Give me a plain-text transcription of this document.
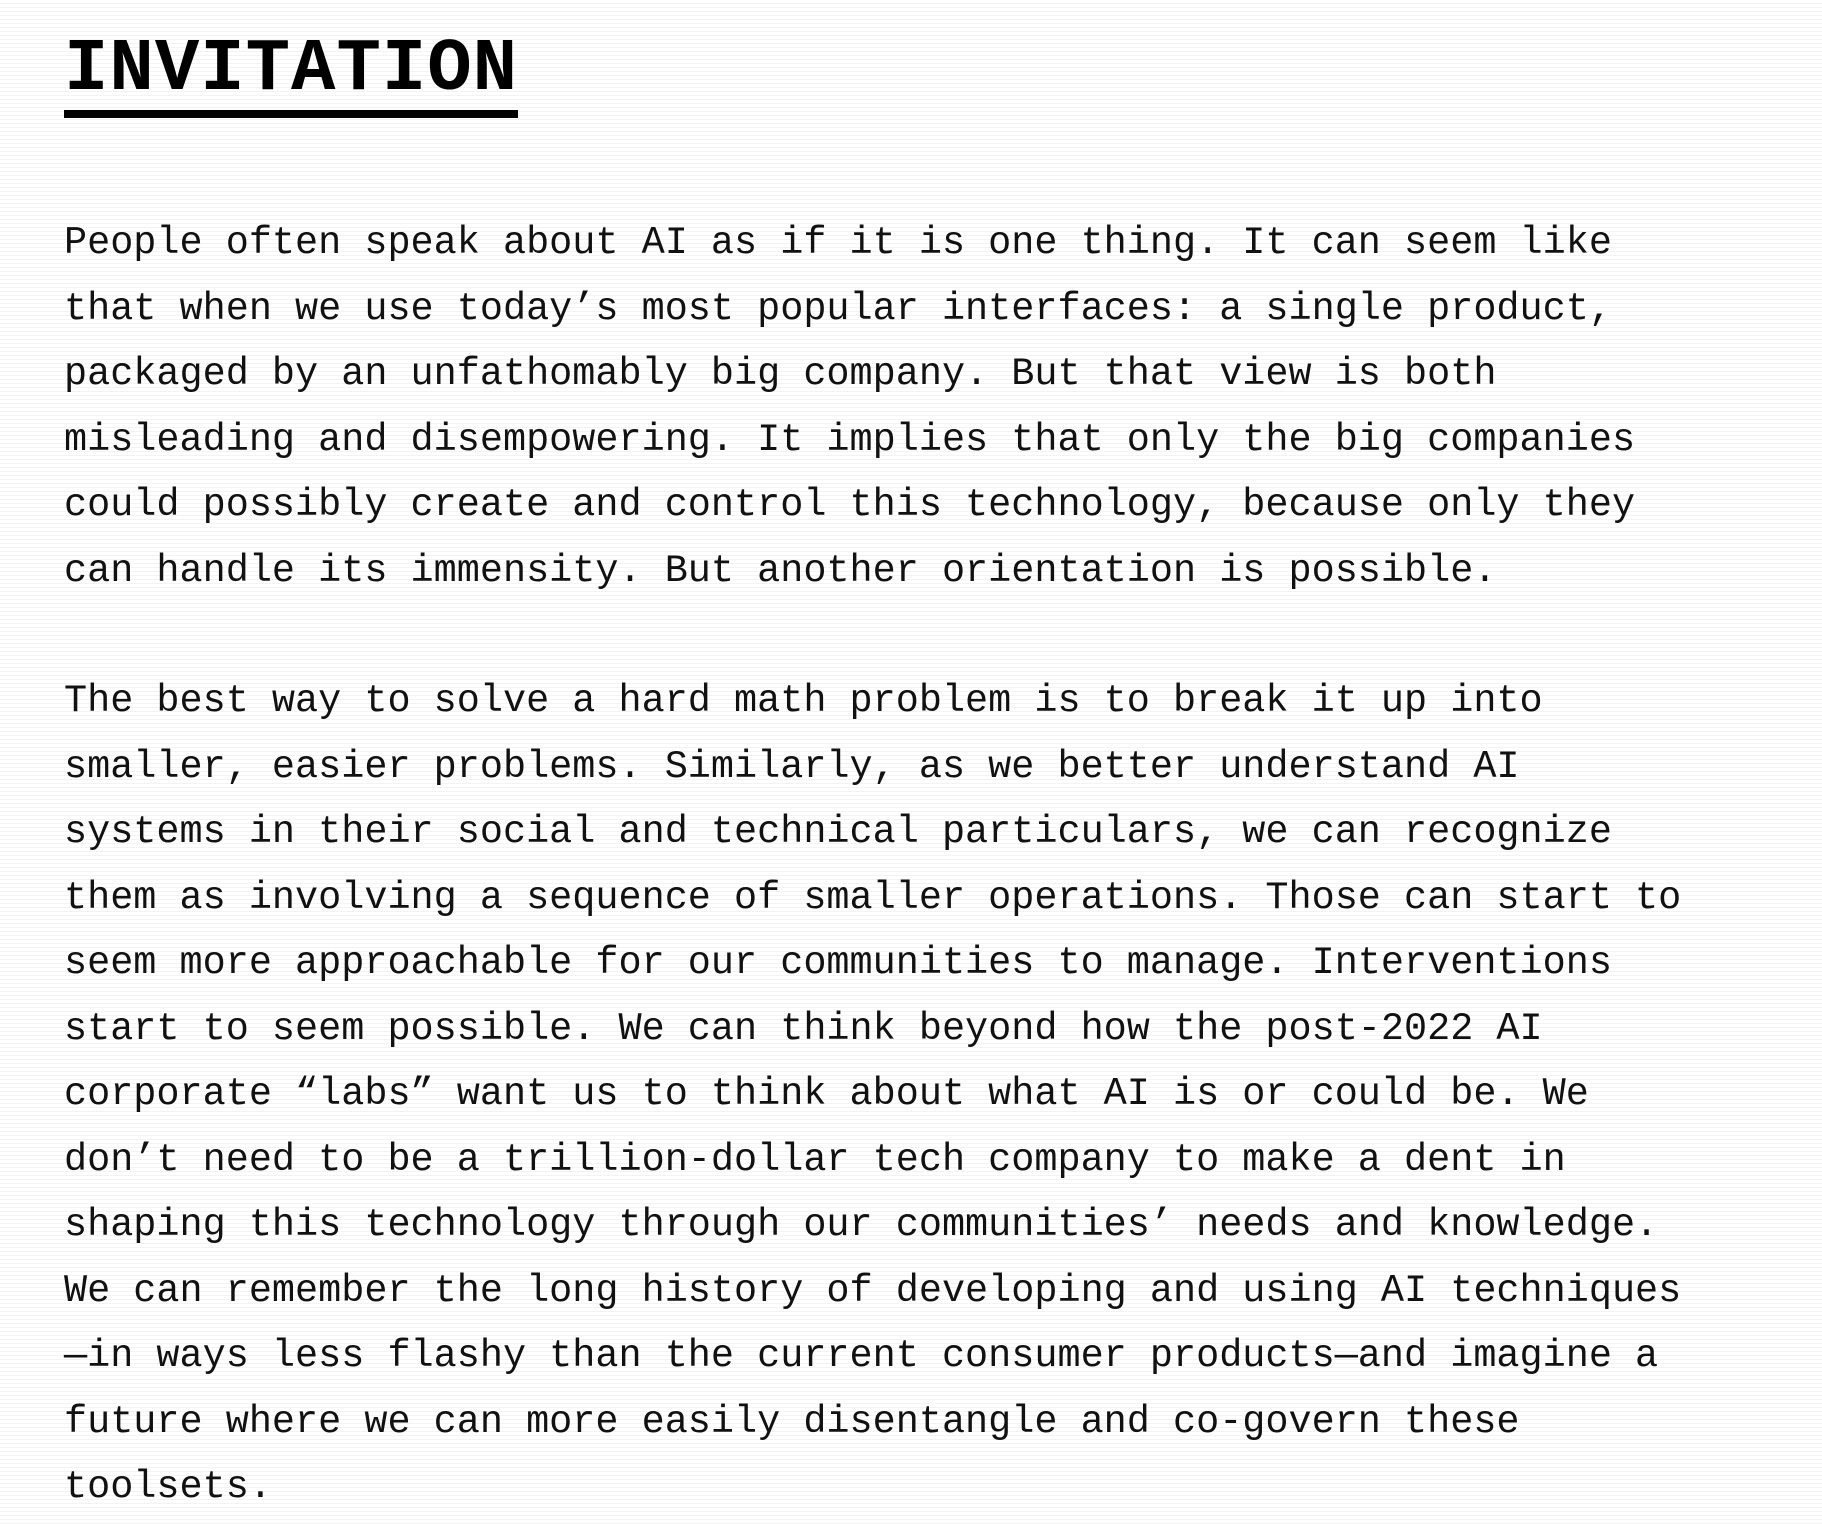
INVITATION

People often speak about AI as if it is one thing. It can seem like
that when we use today’s most popular interfaces: a single product,
packaged by an unfathomably big company. But that view is both
misleading and disempowering. It implies that only the big companies
could possibly create and control this technology, because only they
can handle its immensity. But another orientation is possible.

The best way to solve a hard math problem is to break it up into
smaller, easier problems. Similarly, as we better understand AI
systems in their social and technical particulars, we can recognize
them as involving a sequence of smaller operations. Those can start to
seem more approachable for our communities to manage. Interventions
start to seem possible. We can think beyond how the post-2022 AI
corporate “labs” want us to think about what AI is or could be. We
don’t need to be a trillion-dollar tech company to make a dent in
shaping this technology through our communities’ needs and knowledge.
We can remember the long history of developing and using AI techniques
—in ways less flashy than the current consumer products—and imagine a
future where we can more easily disentangle and co-govern these
toolsets.
